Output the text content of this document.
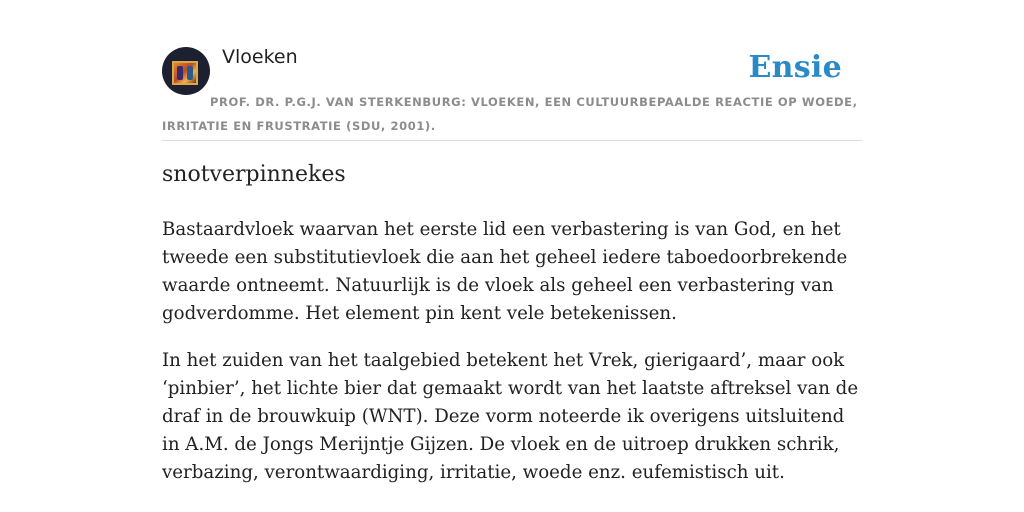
Vloeken	Ensie
PROF. DR. P.G.J. VAN STERKENBURG: VLOEKEN, EEN CULTUURBEPAALDE REACTIE OP WOEDE, IRRITATIE EN FRUSTRATIE (SDU, 2001).
snotverpinnekes

Bastaardvloek waarvan het eerste lid een verbastering is van God, en het tweede een substitutievloek die aan het geheel iedere taboedoorbrekende waarde ontneemt. Natuurlijk is de vloek als geheel een verbastering van godverdomme. Het element pin kent vele betekenissen.

In het zuiden van het taalgebied betekent het Vrek, gierigaard’, maar ook ‘pinbier’, het lichte bier dat gemaakt wordt van het laatste aftreksel van de draf in de brouwkuip (WNT). Deze vorm noteerde ik overigens uitsluitend in A.M. de Jongs Merijntje Gijzen. De vloek en de uitroep drukken schrik, verbazing, verontwaardiging, irritatie, woede enz. eufemistisch uit.
